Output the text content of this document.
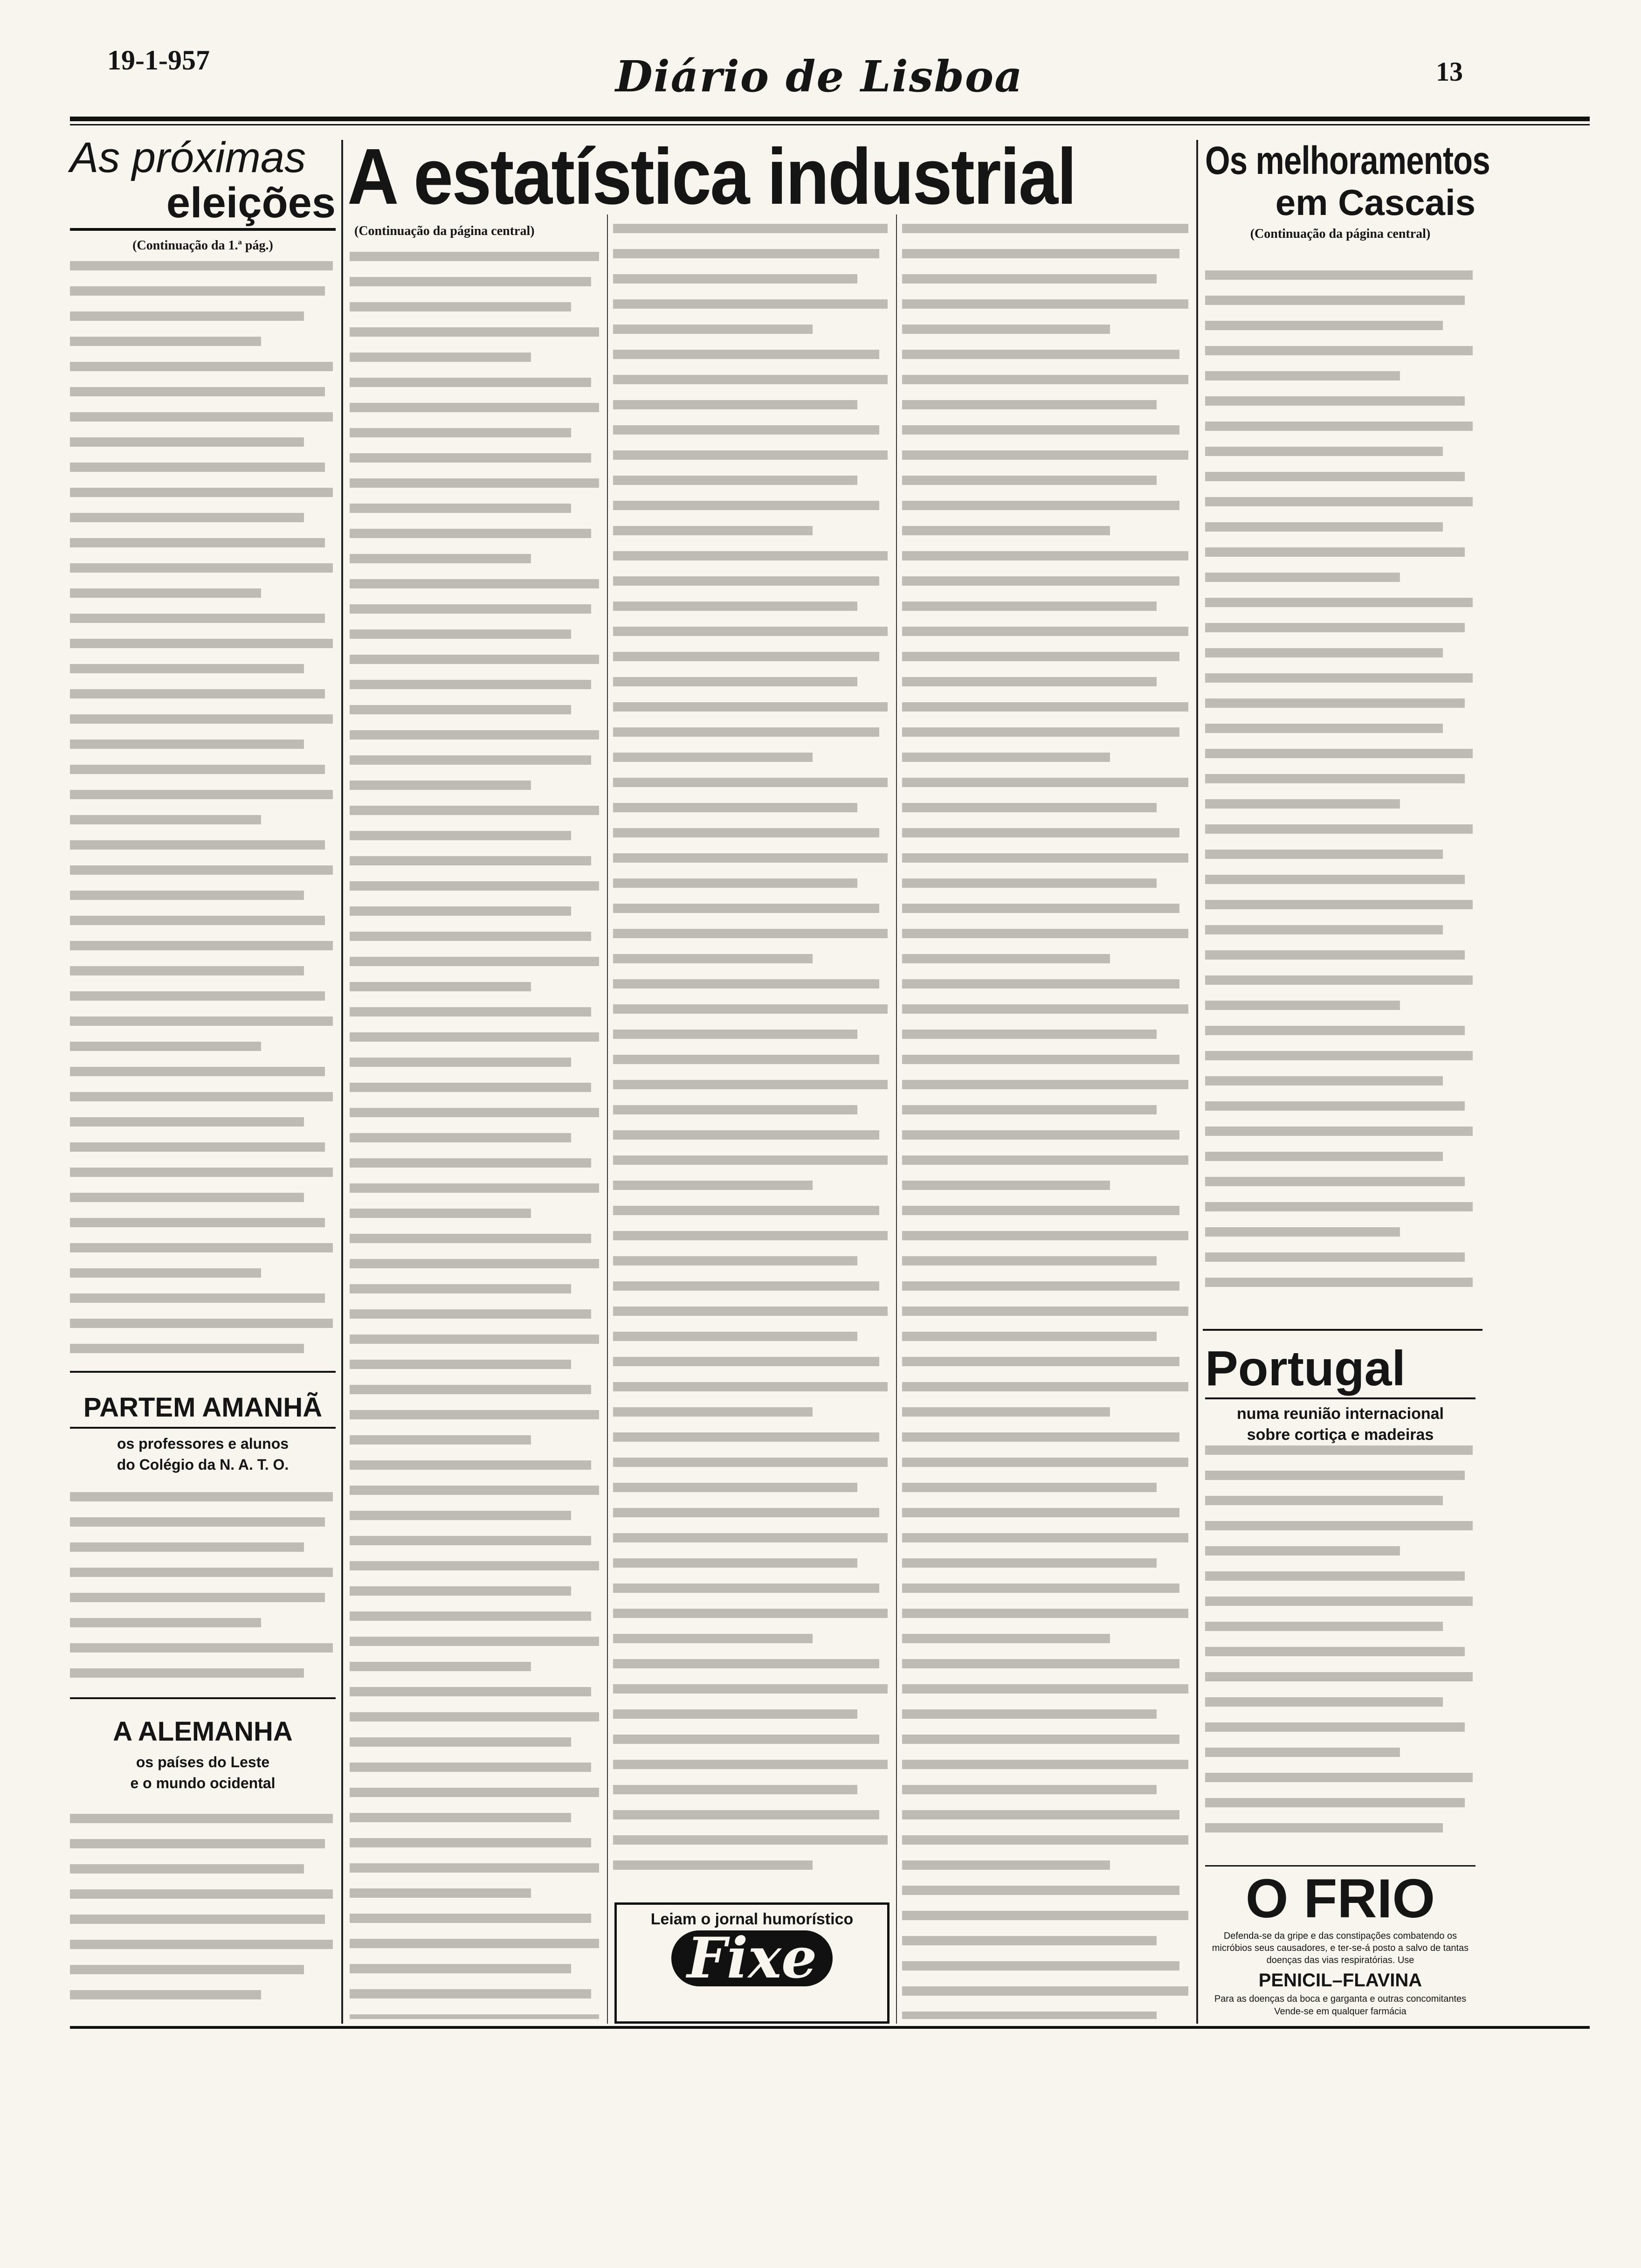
19-1-957	Diário de Lisboa	13
As próximas
eleições
(Continuação da 1.ª pág.)
PARTEM AMANHÃ
os professores e alunos
do Colégio da N. A. T. O.
A ALEMANHA
os países do Leste
e o mundo ocidental
A estatística industrial
(Continuação da página central)
Leiam o jornal humorístico
Fixe
Os melhoramentos
em Cascais
(Continuação da página central)
Portugal
numa reunião internacional
sobre cortiça e madeiras
O FRIO
Defenda-se da gripe e das constipações combatendo os micróbios seus causadores, e ter-se-á posto a salvo de tantas doenças das vias respiratórias. Use
PENICIL–FLAVINA
Para as doenças da boca e garganta e outras concomitantes
Vende-se em qualquer farmácia
